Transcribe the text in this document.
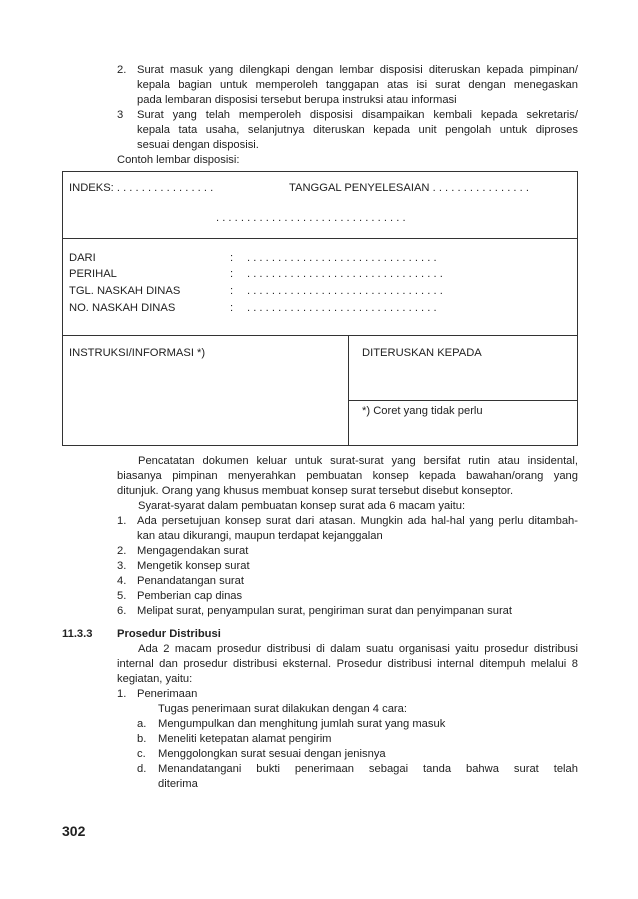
2. Surat masuk yang dilengkapi dengan lembar disposisi diteruskan kepada pimpinan/
kepala bagian untuk memperoleh tanggapan atas isi surat dengan menegaskan
pada lembaran disposisi tersebut berupa instruksi atau informasi
3 Surat yang telah memperoleh disposisi disampaikan kembali kepada sekretaris/
kepala tata usaha, selanjutnya diteruskan kepada unit pengolah untuk diproses
sesuai dengan disposisi.
Contoh lembar disposisi:
INDEKS: . . . . . . . . . . . . . . . .	TANGGAL PENYELESAIAN . . . . . . . . . . . . . . . .
. . . . . . . . . . . . . . . . . . . . . . . . . . . . . . .
DARI	: . . . . . . . . . . . . . . . . . . . . . . . . . . . . . . .
PERIHAL	: . . . . . . . . . . . . . . . . . . . . . . . . . . . . . . . .
TGL. NASKAH DINAS	: . . . . . . . . . . . . . . . . . . . . . . . . . . . . . . . .
NO. NASKAH DINAS	: . . . . . . . . . . . . . . . . . . . . . . . . . . . . . . .
INSTRUKSI/INFORMASI *)	DITERUSKAN KEPADA
*) Coret yang tidak perlu
Pencatatan dokumen keluar untuk surat-surat yang bersifat rutin atau insidental,
biasanya pimpinan menyerahkan pembuatan konsep kepada bawahan/orang yang
ditunjuk. Orang yang khusus membuat konsep surat tersebut disebut konseptor.
Syarat-syarat dalam pembuatan konsep surat ada 6 macam yaitu:
1. Ada persetujuan konsep surat dari atasan. Mungkin ada hal-hal yang perlu ditambah-
kan atau dikurangi, maupun terdapat kejanggalan
2. Mengagendakan surat
3. Mengetik konsep surat
4. Penandatangan surat
5. Pemberian cap dinas
6. Melipat surat, penyampulan surat, pengiriman surat dan penyimpanan surat
11.3.3 Prosedur Distribusi
Ada 2 macam prosedur distribusi di dalam suatu organisasi yaitu prosedur distribusi
internal dan prosedur distribusi eksternal. Prosedur distribusi internal ditempuh melalui 8
kegiatan, yaitu:
1. Penerimaan
Tugas penerimaan surat dilakukan dengan 4 cara:
a. Mengumpulkan dan menghitung jumlah surat yang masuk
b. Meneliti ketepatan alamat pengirim
c. Menggolongkan surat sesuai dengan jenisnya
d. Menandatangani bukti penerimaan sebagai tanda bahwa surat telah
diterima
302
